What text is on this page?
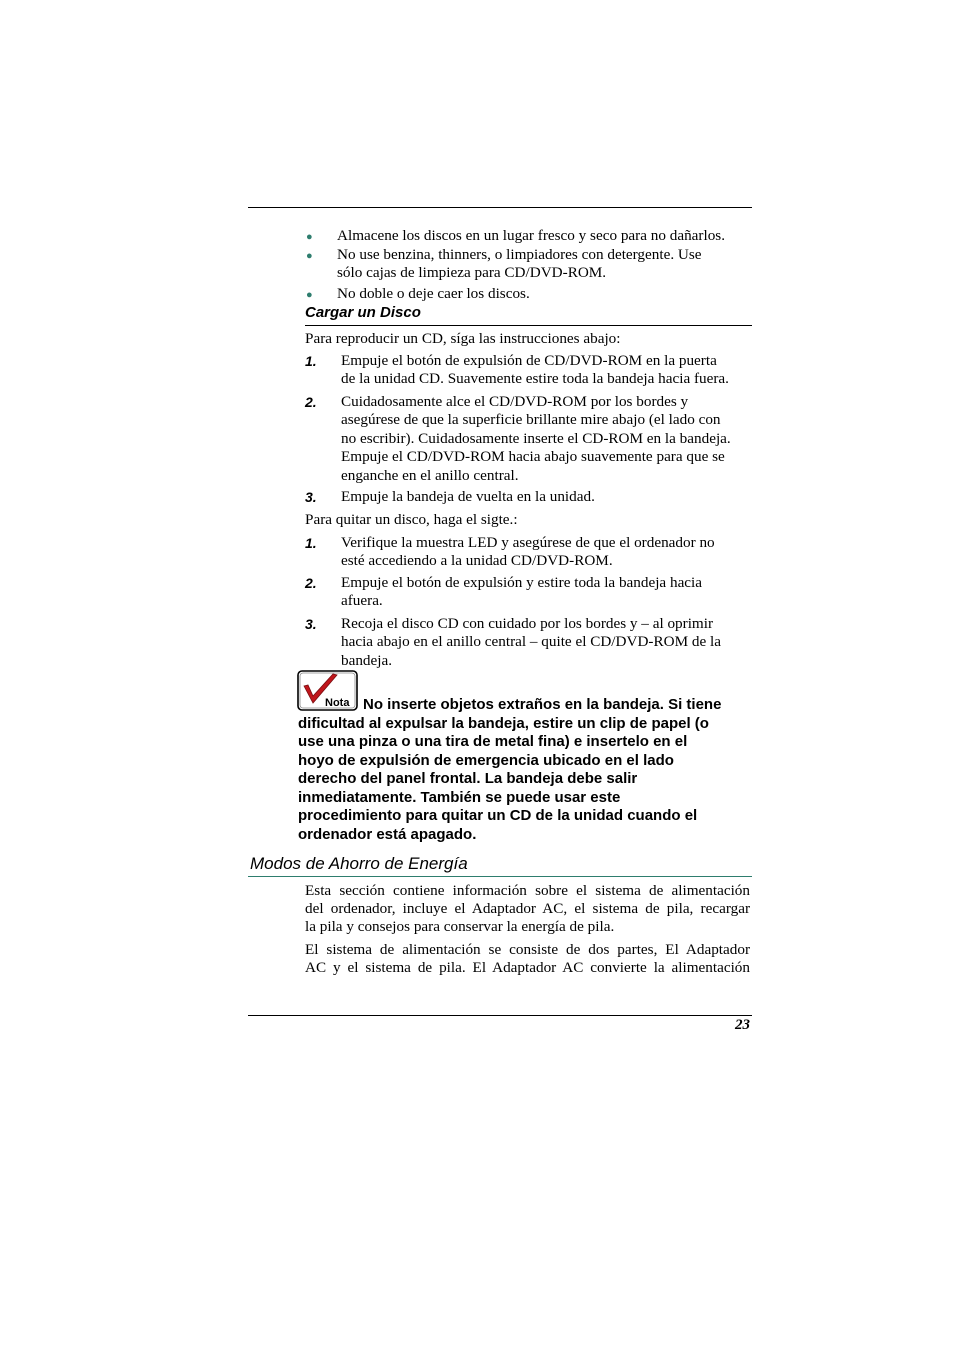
● Almacene los discos en un lugar fresco y seco para no dañarlos.
● No use benzina, thinners, o limpiadores con detergente. Use
sólo cajas de limpieza para CD/DVD-ROM.
● No doble o deje caer los discos.
Cargar un Disco
Para reproducir un CD, síga las instrucciones abajo:
1. Empuje el botón de expulsión de CD/DVD-ROM en la puerta
de la unidad CD. Suavemente estire toda la bandeja hacia fuera.
2. Cuidadosamente alce el CD/DVD-ROM por los bordes y
asegúrese de que la superficie brillante mire abajo (el lado con
no escribir). Cuidadosamente inserte el CD-ROM en la bandeja.
Empuje el CD/DVD-ROM hacia abajo suavemente para que se
enganche en el anillo central.
3. Empuje la bandeja de vuelta en la unidad.
Para quitar un disco, haga el sigte.:
1. Verifique la muestra LED y asegúrese de que el ordenador no
esté accediendo a la unidad CD/DVD-ROM.
2. Empuje el botón de expulsión y estire toda la bandeja hacia
afuera.
3. Recoja el disco CD con cuidado por los bordes y – al oprimir
hacia abajo en el anillo central – quite el CD/DVD-ROM de la
bandeja.
Nota No inserte objetos extraños en la bandeja. Si tiene
dificultad al expulsar la bandeja, estire un clip de papel (o
use una pinza o una tira de metal fina) e insertelo en el
hoyo de expulsión de emergencia ubicado en el lado
derecho del panel frontal. La bandeja debe salir
inmediatamente. También se puede usar este
procedimiento para quitar un CD de la unidad cuando el
ordenador está apagado.
Modos de Ahorro de Energía
Esta sección contiene información sobre el sistema de alimentación
del ordenador, incluye el Adaptador AC, el sistema de pila, recargar
la pila y consejos para conservar la energía de pila.
El sistema de alimentación se consiste de dos partes, El Adaptador
AC y el sistema de pila. El Adaptador AC convierte la alimentación
23
